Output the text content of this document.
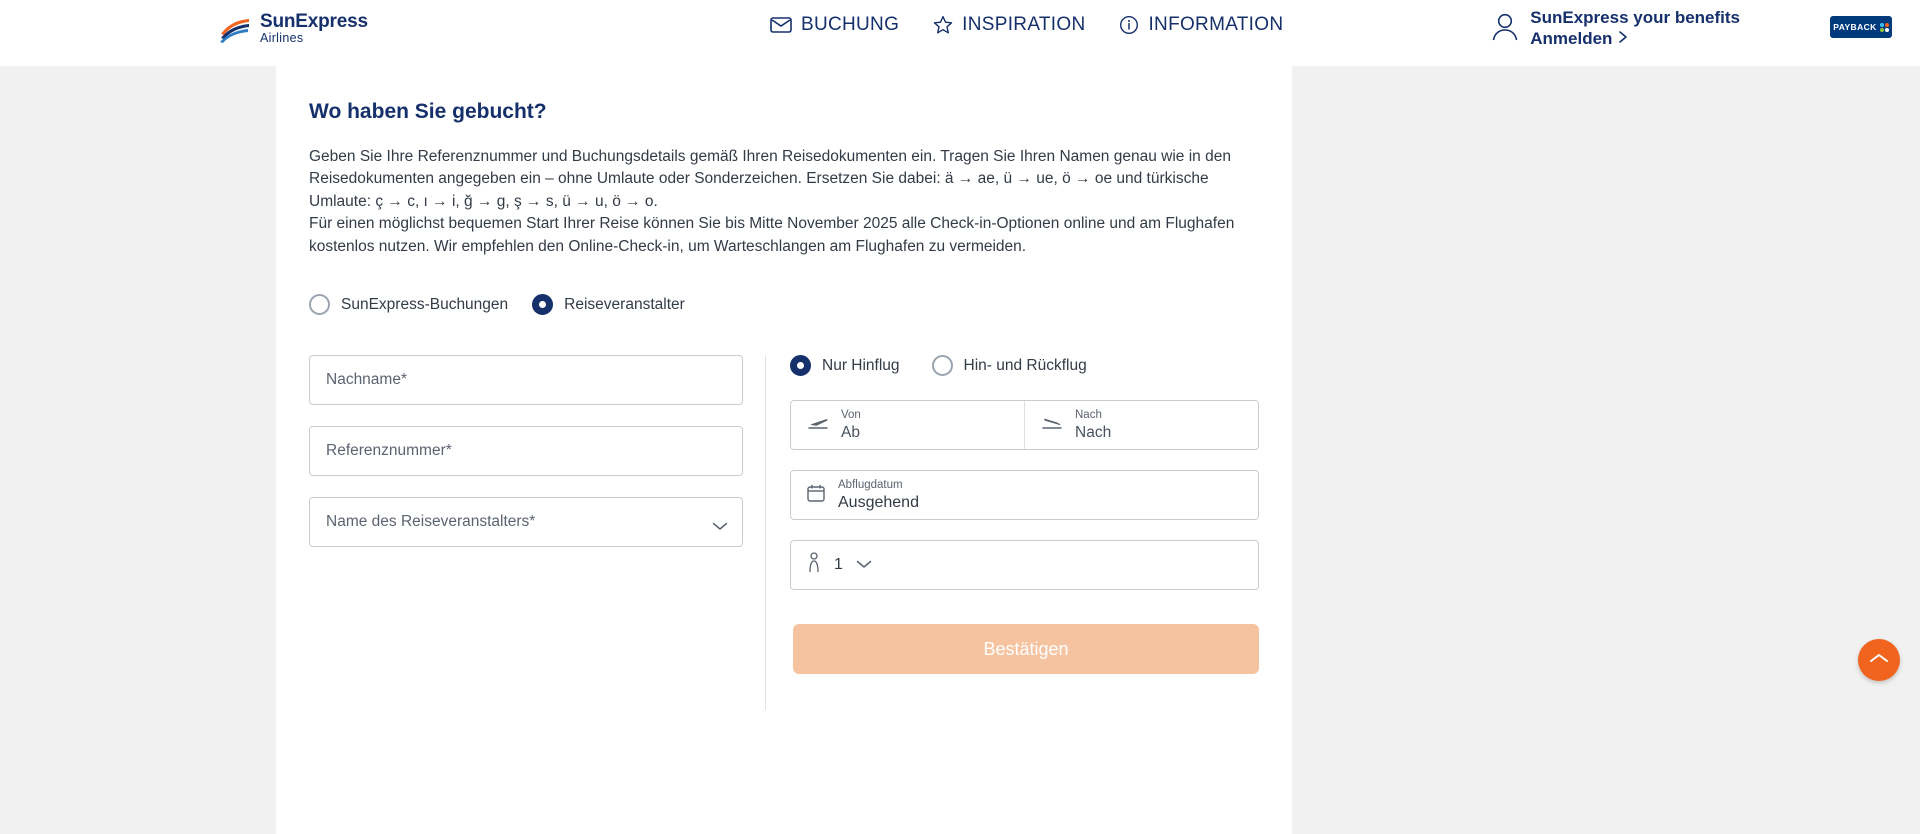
SunExpress
Airlines
BUCHUNG	INSPIRATION	INFORMATION	SunExpress your benefits
Anmelden
PAYBACK
Wo haben Sie gebucht?

Geben Sie Ihre Referenznummer und Buchungsdetails gemäß Ihren Reisedokumenten ein. Tragen Sie Ihren Namen genau wie in den Reisedokumenten angegeben ein – ohne Umlaute oder Sonderzeichen. Ersetzen Sie dabei: ä → ae, ü → ue, ö → oe und türkische Umlaute: ç → c, ı → i, ğ → g, ş → s, ü → u, ö → o.

Für einen möglichst bequemen Start Ihrer Reise können Sie bis Mitte November 2025 alle Check-in-Optionen online und am Flughafen kostenlos nutzen. Wir empfehlen den Online-Check-in, um Warteschlangen am Flughafen zu vermeiden.

SunExpress-Buchungen	Reiseveranstalter
Nachname*
Referenznummer*
Name des Reiseveranstalters*
Nur Hinflug	Hin- und Rückflug
Von
Ab
Nach
Nach
Abflugdatum
Ausgehend
1
Bestätigen
